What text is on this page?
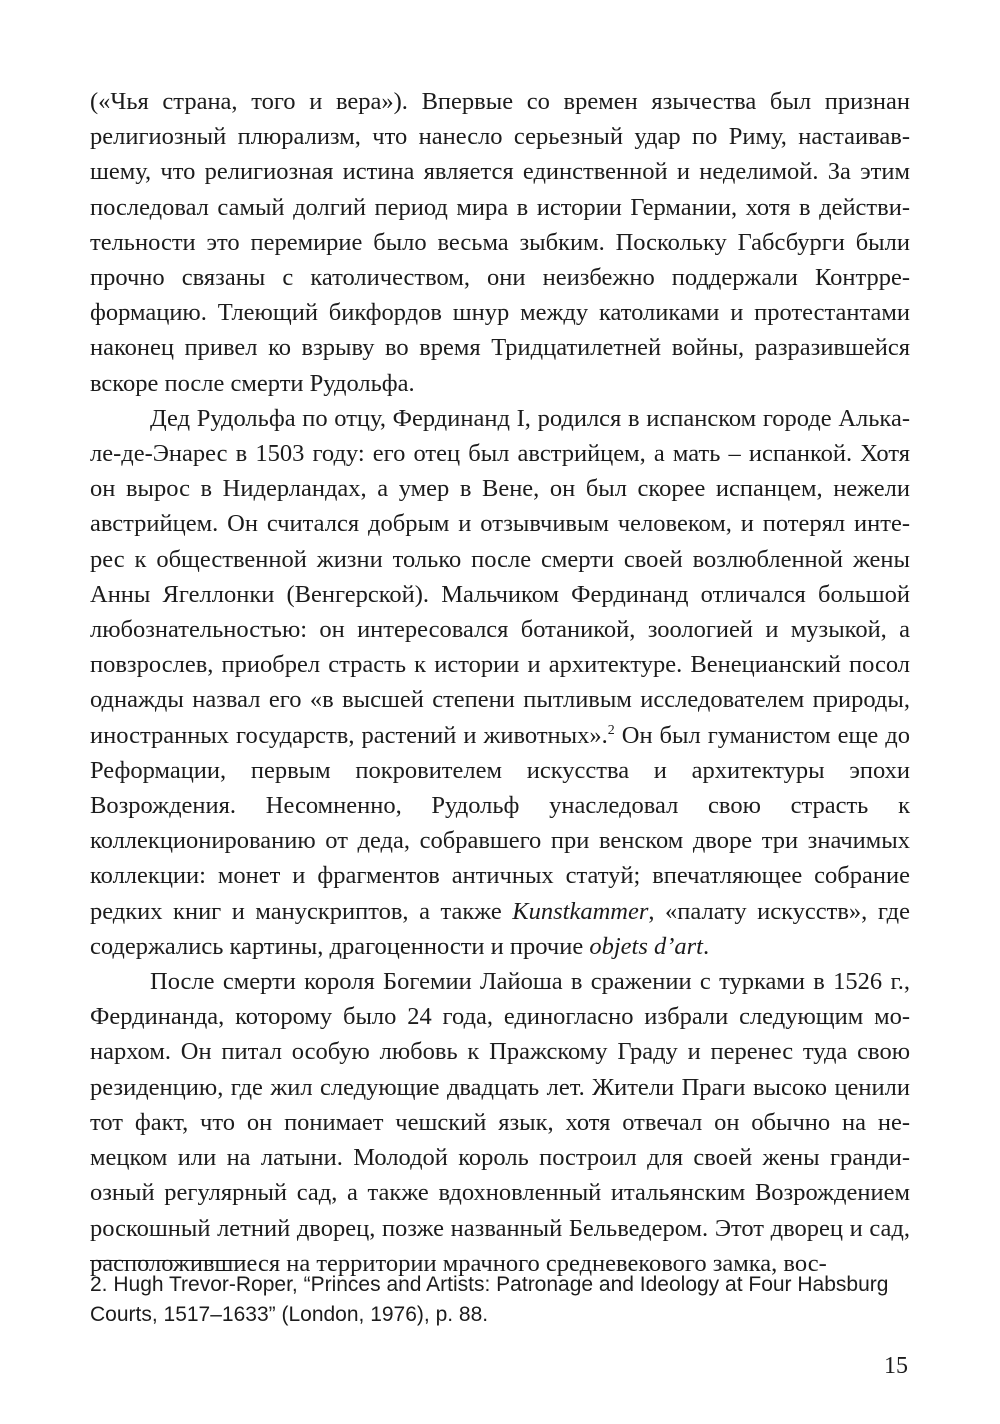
(«Чья страна, того и вера»). Впервые со времен язычества был признан религиозный плюрализм, что нанесло серьезный удар по Риму, настаивавшему, что религиозная истина является единственной и неделимой. За этим последовал самый долгий период мира в истории Германии, хотя в действительности это перемирие было весьма зыбким. Поскольку Габсбурги были прочно связаны с католичеством, они неизбежно поддержали Контрреформацию. Тлеющий бикфордов шнур между католиками и протестантами наконец привел ко взрыву во время Тридцатилетней войны, разразившейся вскоре после смерти Рудольфа.

Дед Рудольфа по отцу, Фердинанд I, родился в испанском городе Алькале-де-Энарес в 1503 году: его отец был австрийцем, а мать – испанкой. Хотя он вырос в Нидерландах, а умер в Вене, он был скорее испанцем, нежели австрийцем. Он считался добрым и отзывчивым человеком, и потерял интерес к общественной жизни только после смерти своей возлюбленной жены Анны Ягеллонки (Венгерской). Мальчиком Фердинанд отличался большой любознательностью: он интересовался ботаникой, зоологией и музыкой, а повзрослев, приобрел страсть к истории и архитектуре. Венецианский посол однажды назвал его «в высшей степени пытливым исследователем природы, иностранных государств, растений и животных».$^2$ Он был гуманистом еще до Реформации, первым покровителем искусства и архитектуры эпохи Возрождения. Несомненно, Рудольф унаследовал свою страсть к коллекционированию от деда, собравшего при венском дворе три значимых коллекции: монет и фрагментов античных статуй; впечатляющее собрание редких книг и манускриптов, а также Kunstkammer, «палату искусств», где содержались картины, драгоценности и прочие objets d’art.

После смерти короля Богемии Лайоша в сражении с турками в 1526 г., Фердинанда, которому было 24 года, единогласно избрали следующим монархом. Он питал особую любовь к Пражскому Граду и перенес туда свою резиденцию, где жил следующие двадцать лет. Жители Праги высоко ценили тот факт, что он понимает чешский язык, хотя отвечал он обычно на немецком или на латыни. Молодой король построил для своей жены грандиозный регулярный сад, а также вдохновленный итальянским Возрождением роскошный летний дворец, позже названный Бельведером. Этот дворец и сад, расположившиеся на территории мрачного средневекового замка, вос-

2. Hugh Trevor-Roper, “Princes and Artists: Patronage and Ideology at Four Habsburg Courts, 1517–1633” (London, 1976), p. 88.

15
